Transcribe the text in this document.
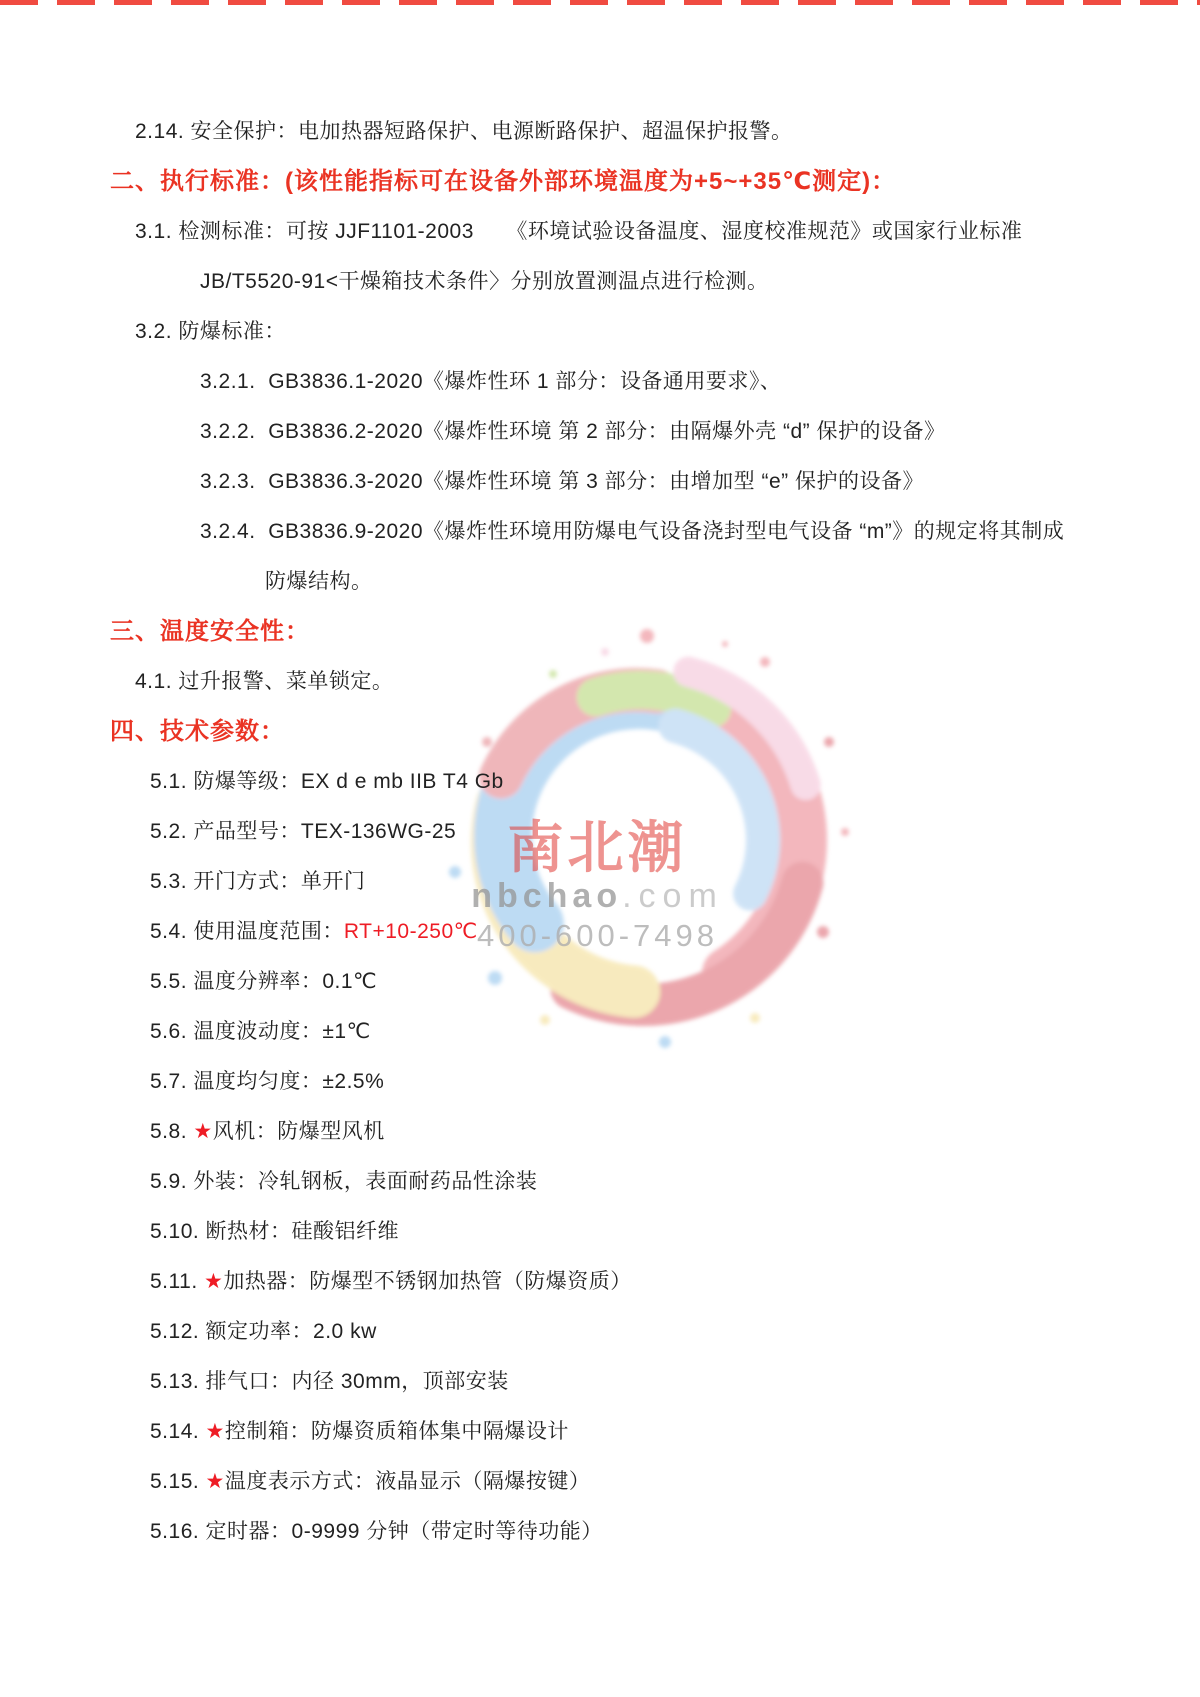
南北潮
nbchao.com
400-600-7498
2.14. 安全保护：电加热器短路保护、电源断路保护、超温保护报警。
二、执行标准：(该性能指标可在设备外部环境温度为+5~+35℃测定)：
3.1. 检测标准：可按 JJF1101-2003　　《环境试验设备温度、湿度校准规范》或国家行业标准
JB/T5520-91<干燥箱技术条件〉分别放置测温点进行检测。
3.2. 防爆标准：
3.2.1.  GB3836.1-2020《爆炸性环 1 部分：设备通用要求》、
3.2.2.  GB3836.2-2020《爆炸性环境 第 2 部分：由隔爆外壳 “d” 保护的设备》
3.2.3.  GB3836.3-2020《爆炸性环境 第 3 部分：由增加型 “e” 保护的设备》
3.2.4.  GB3836.9-2020《爆炸性环境用防爆电气设备浇封型电气设备 “m”》的规定将其制成
防爆结构。
三、温度安全性：
4.1. 过升报警、菜单锁定。
四、技术参数：
5.1. 防爆等级：EX d e mb IIB T4 Gb
5.2. 产品型号：TEX-136WG-25
5.3. 开门方式：单开门
5.4. 使用温度范围：RT+10-250℃
5.5. 温度分辨率：0.1℃
5.6. 温度波动度：±1℃
5.7. 温度均匀度：±2.5%
5.8. ★风机：防爆型风机
5.9. 外装：冷轧钢板，表面耐药品性涂装
5.10. 断热材：硅酸铝纤维
5.11. ★加热器：防爆型不锈钢加热管（防爆资质）
5.12. 额定功率：2.0 kw
5.13. 排气口：内径 30mm，顶部安装
5.14. ★控制箱：防爆资质箱体集中隔爆设计
5.15. ★温度表示方式：液晶显示（隔爆按键）
5.16. 定时器：0-9999 分钟（带定时等待功能）
